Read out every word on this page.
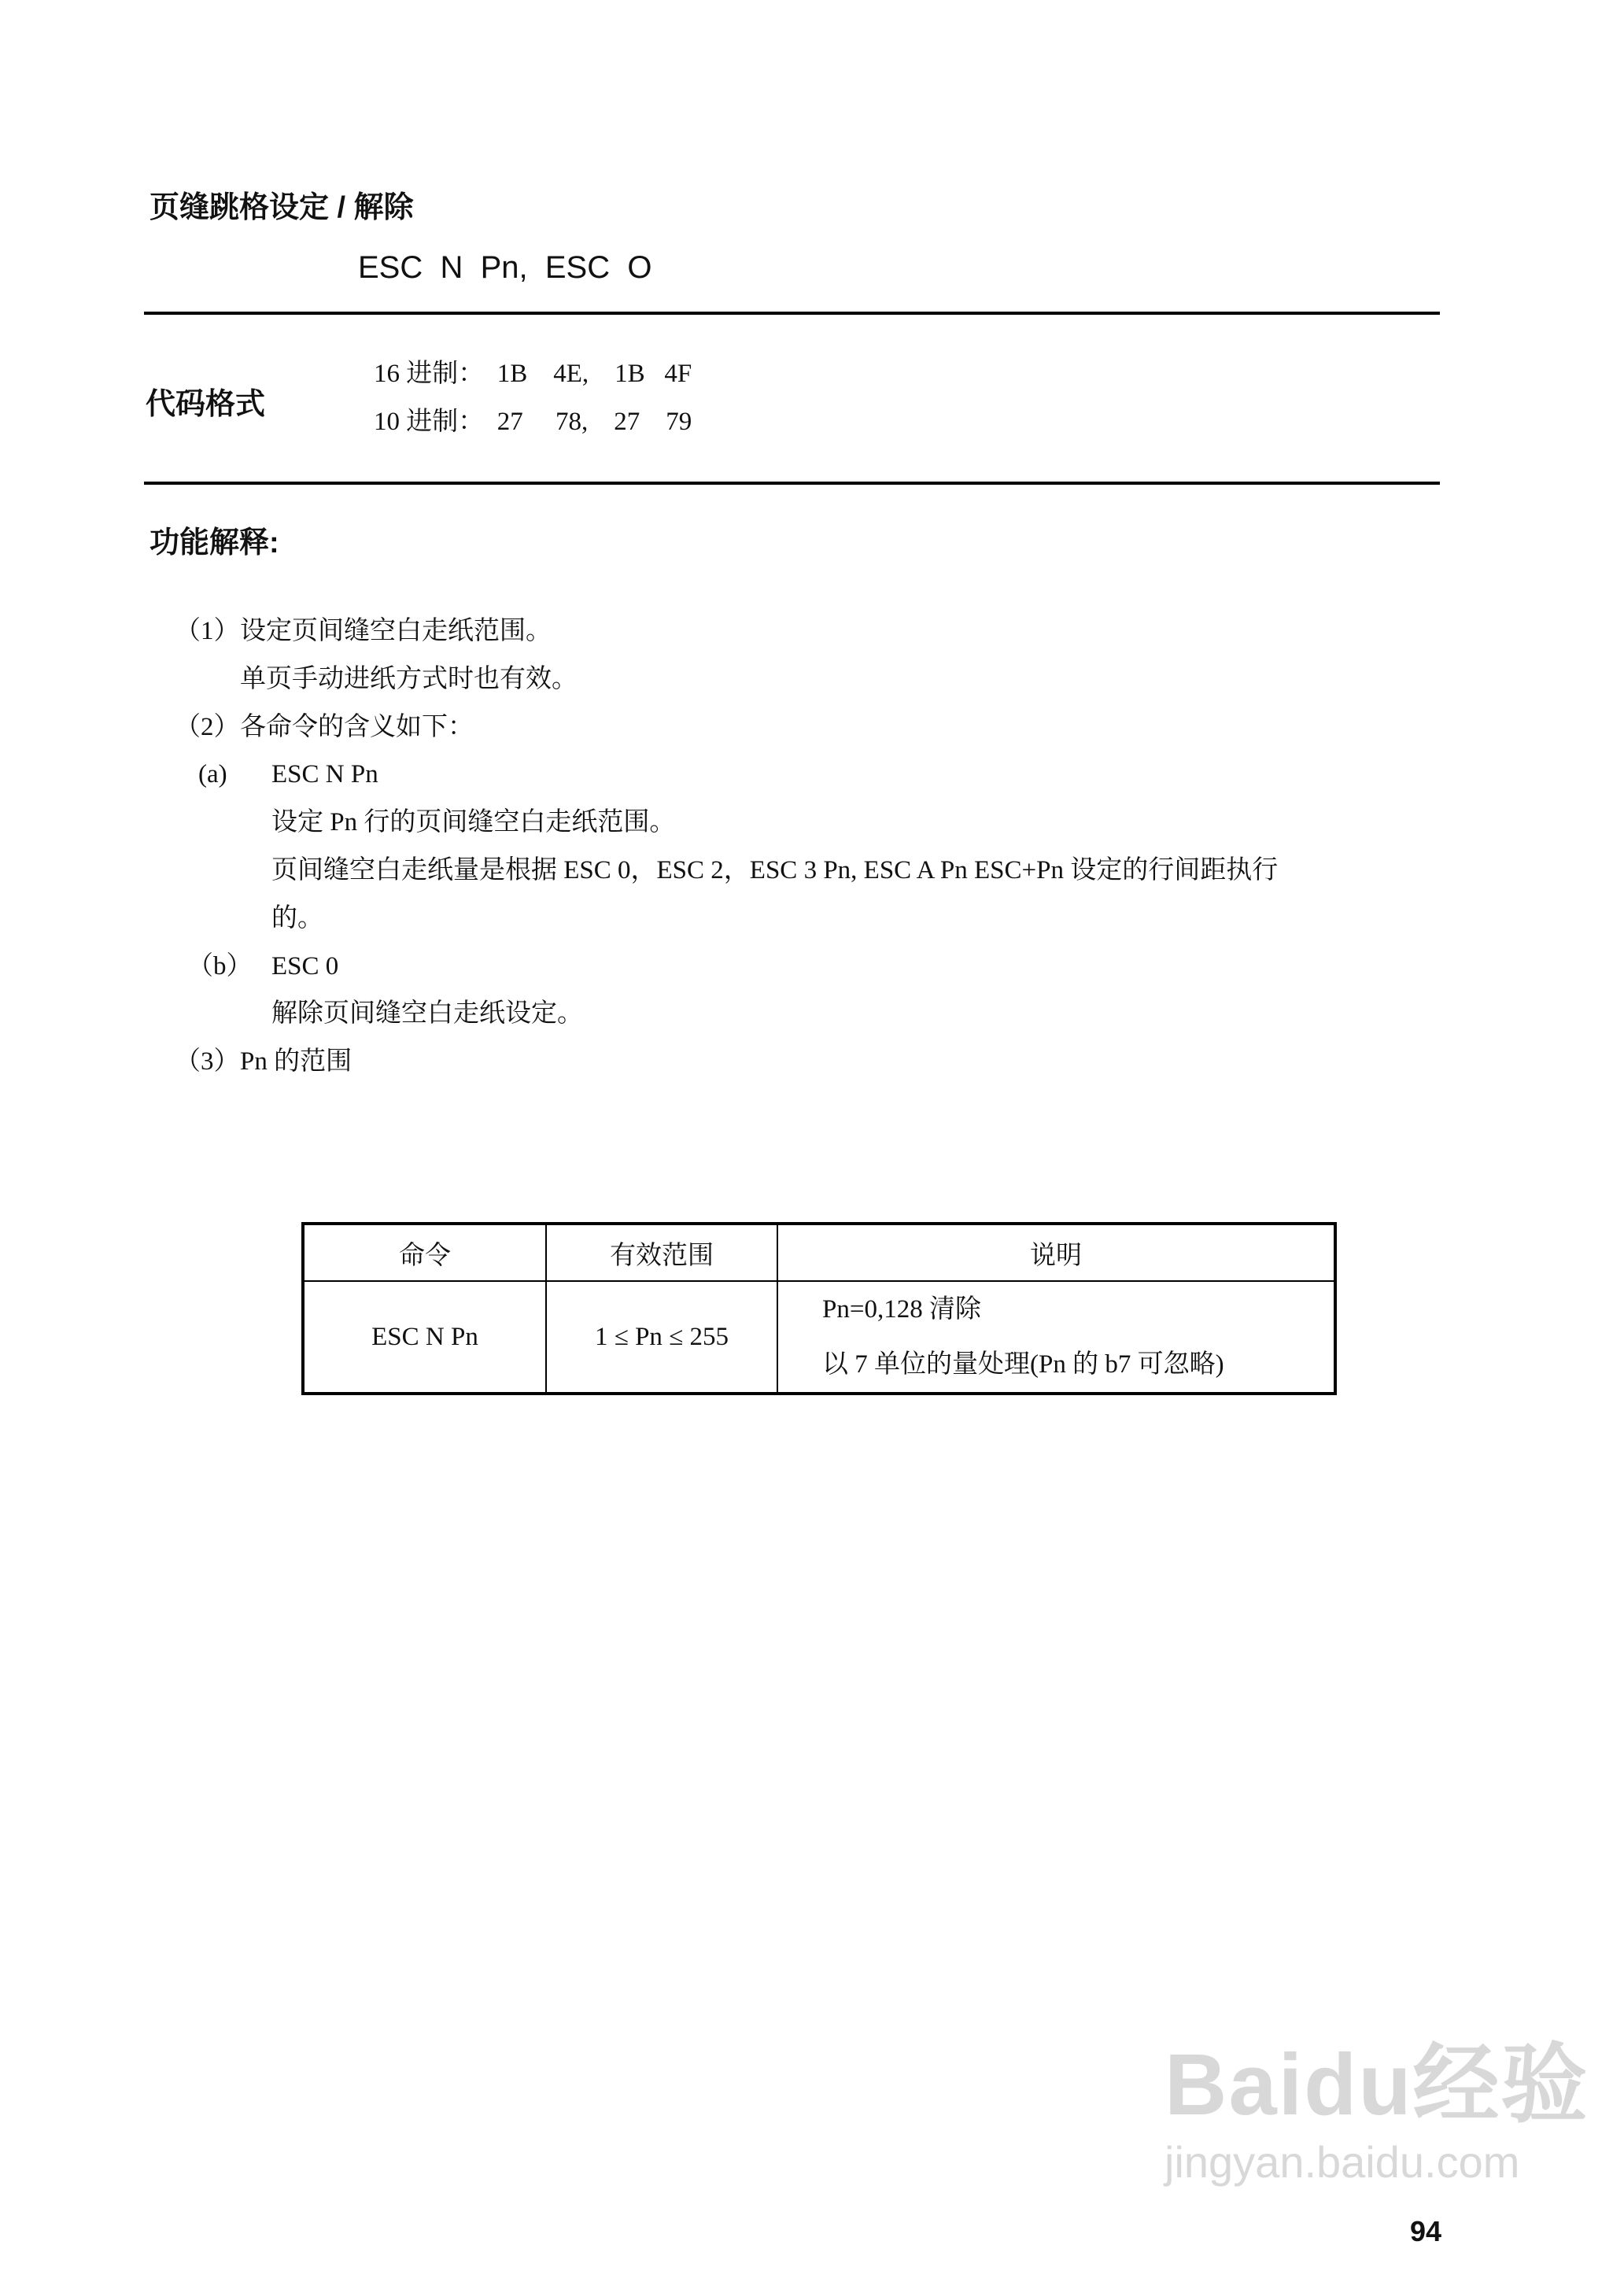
页缝跳格设定 / 解除
ESC  N  Pn,  ESC  O
代码格式
16 进制：  1B    4E,    1B   4F
10 进制：  27     78,    27    79
功能解释:
（1） 设定页间缝空白走纸范围。
单页手动进纸方式时也有效。
（2） 各命令的含义如下：
(a) ESC N Pn
设定 Pn 行的页间缝空白走纸范围。
页间缝空白走纸量是根据 ESC 0，ESC 2，ESC 3 Pn, ESC A Pn ESC+Pn 设定的行间距执行
的。
（b） ESC 0
解除页间缝空白走纸设定。
（3） Pn 的范围
命令	有效范围	说明
ESC N Pn	1 ≤ Pn ≤ 255	Pn=0,128 清除
以 7 单位的量处理(Pn 的 b7 可忽略)
Baidu经验
jingyan.baidu.com
94
